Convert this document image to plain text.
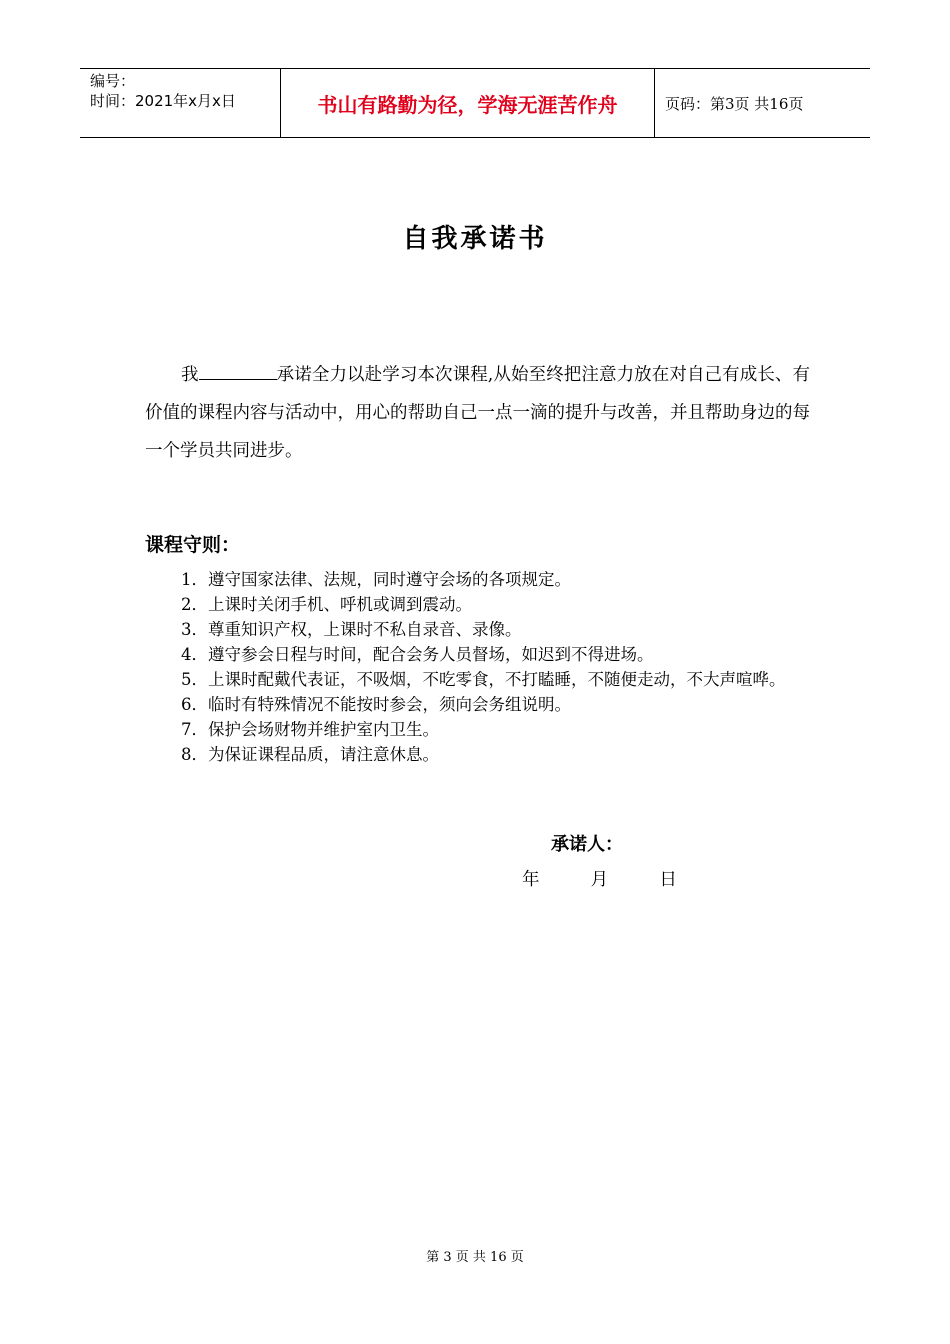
编号：
时间：2021年x月x日	书山有路勤为径，学海无涯苦作舟	页码：第3页 共16页
自我承诺书
我	承诺全力以赴学习本次课程,从始至终把注意力放在对自己有成长、有价值的课程内容与活动中，用心的帮助自己一点一滴的提升与改善，并且帮助身边的每一个学员共同进步。
课程守则：
1．遵守国家法律、法规，同时遵守会场的各项规定。
2．上课时关闭手机、呼机或调到震动。
3．尊重知识产权，上课时不私自录音、录像。
4．遵守参会日程与时间，配合会务人员督场，如迟到不得进场。
5．上课时配戴代表证，不吸烟，不吃零食，不打瞌睡，不随便走动，不大声喧哗。
6．临时有特殊情况不能按时参会，须向会务组说明。
7．保护会场财物并维护室内卫生。
8．为保证课程品质，请注意休息。
承诺人：
年	月	日
第 3 页 共 16 页
